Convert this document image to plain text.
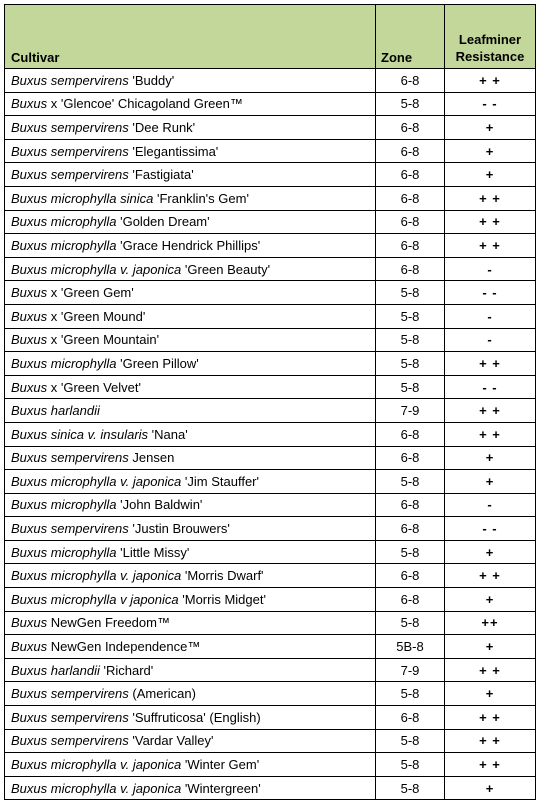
Cultivar	Zone	Leafminer
Resistance
Buxus sempervirens 'Buddy'	6-8	+ +
Buxus x 'Glencoe' Chicagoland Green™	5-8	- -
Buxus sempervirens 'Dee Runk'	6-8	+
Buxus sempervirens 'Elegantissima'	6-8	+
Buxus sempervirens 'Fastigiata'	6-8	+
Buxus microphylla sinica 'Franklin's Gem'	6-8	+ +
Buxus microphylla 'Golden Dream'	6-8	+ +
Buxus microphylla 'Grace Hendrick Phillips'	6-8	+ +
Buxus microphylla v. japonica 'Green Beauty'	6-8	-
Buxus x 'Green Gem'	5-8	- -
Buxus x 'Green Mound'	5-8	-
Buxus x 'Green Mountain'	5-8	-
Buxus microphylla 'Green Pillow'	5-8	+ +
Buxus x 'Green Velvet'	5-8	- -
Buxus harlandii	7-9	+ +
Buxus sinica v. insularis 'Nana'	6-8	+ +
Buxus sempervirens Jensen	6-8	+
Buxus microphylla v. japonica 'Jim Stauffer'	5-8	+
Buxus microphylla 'John Baldwin'	6-8	-
Buxus sempervirens 'Justin Brouwers'	6-8	- -
Buxus microphylla 'Little Missy'	5-8	+
Buxus microphylla v. japonica 'Morris Dwarf'	6-8	+ +
Buxus microphylla v japonica 'Morris Midget'	6-8	+
Buxus NewGen Freedom™	5-8	++
Buxus NewGen Independence™	5B-8	+
Buxus harlandii 'Richard'	7-9	+ +
Buxus sempervirens (American)	5-8	+
Buxus sempervirens 'Suffruticosa' (English)	6-8	+ +
Buxus sempervirens 'Vardar Valley'	5-8	+ +
Buxus microphylla v. japonica 'Winter Gem'	5-8	+ +
Buxus microphylla v. japonica 'Wintergreen'	5-8	+
